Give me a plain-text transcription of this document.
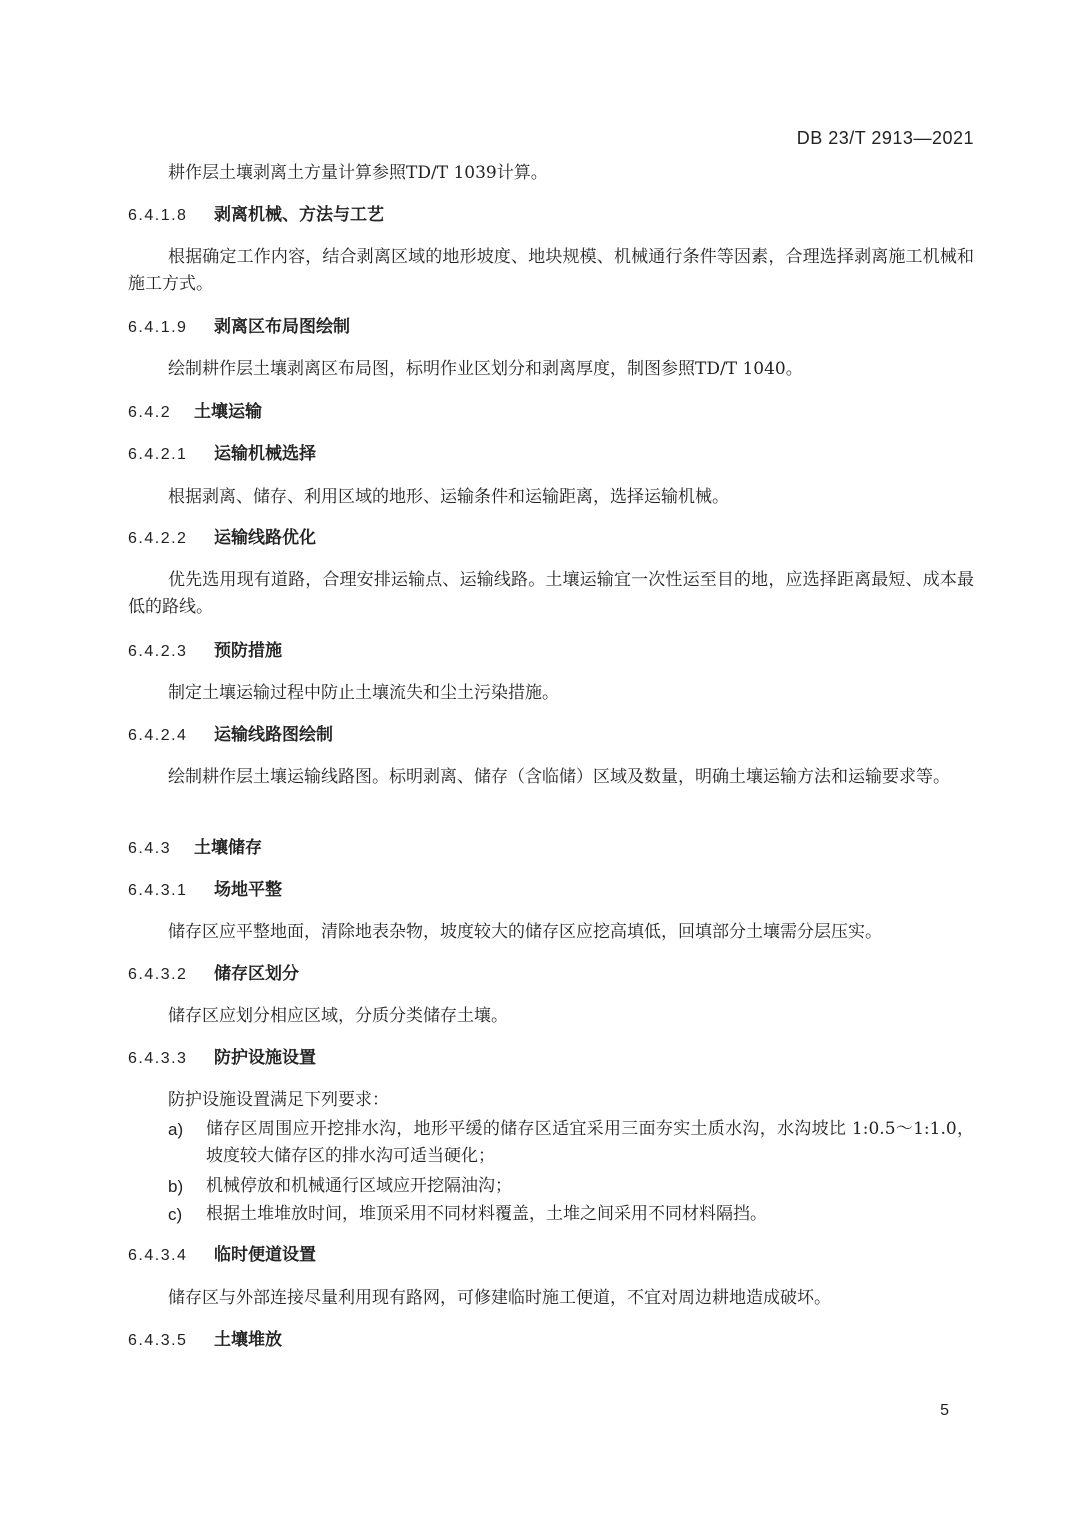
DB 23/T 2913—2021
耕作层土壤剥离土方量计算参照TD/T 1039计算。
6.4.1.8 剥离机械、方法与工艺
根据确定工作内容，结合剥离区域的地形坡度、地块规模、机械通行条件等因素，合理选择剥离施工机械和施工方式。
6.4.1.9 剥离区布局图绘制
绘制耕作层土壤剥离区布局图，标明作业区划分和剥离厚度，制图参照TD/T 1040。
6.4.2 土壤运输
6.4.2.1 运输机械选择
根据剥离、储存、利用区域的地形、运输条件和运输距离，选择运输机械。
6.4.2.2 运输线路优化
优先选用现有道路，合理安排运输点、运输线路。土壤运输宜一次性运至目的地，应选择距离最短、成本最低的路线。
6.4.2.3 预防措施
制定土壤运输过程中防止土壤流失和尘土污染措施。
6.4.2.4 运输线路图绘制
绘制耕作层土壤运输线路图。标明剥离、储存（含临储）区域及数量，明确土壤运输方法和运输要求等。
6.4.3 土壤储存
6.4.3.1 场地平整
储存区应平整地面，清除地表杂物，坡度较大的储存区应挖高填低，回填部分土壤需分层压实。
6.4.3.2 储存区划分
储存区应划分相应区域，分质分类储存土壤。
6.4.3.3 防护设施设置
防护设施设置满足下列要求：
a) 储存区周围应开挖排水沟，地形平缓的储存区适宜采用三面夯实土质水沟，水沟坡比 1:0.5～1:1.0，坡度较大储存区的排水沟可适当硬化；
b) 机械停放和机械通行区域应开挖隔油沟；
c) 根据土堆堆放时间，堆顶采用不同材料覆盖，土堆之间采用不同材料隔挡。
6.4.3.4 临时便道设置
储存区与外部连接尽量利用现有路网，可修建临时施工便道，不宜对周边耕地造成破坏。
6.4.3.5 土壤堆放
5
